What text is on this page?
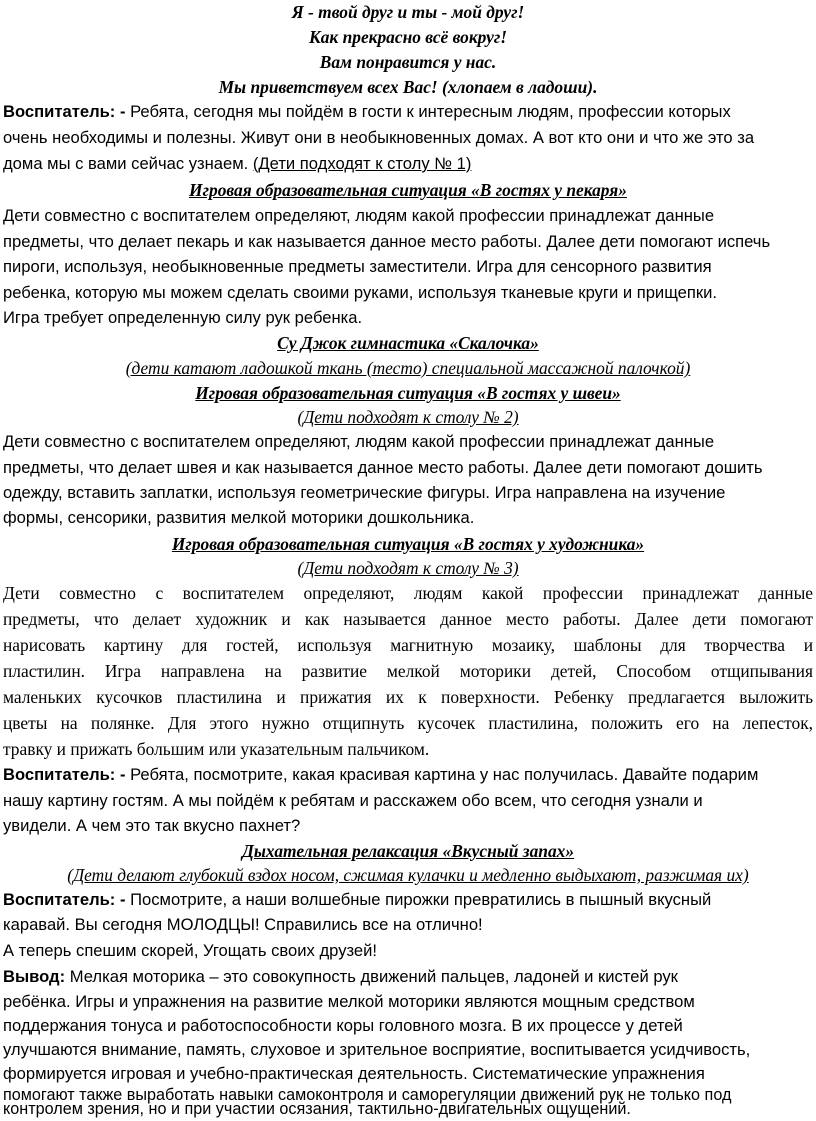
Я - твой друг и ты - мой друг!
Как прекрасно всё вокруг!
Вам понравится у нас.
Мы приветствуем всех Вас! (хлопаем в ладоши).
Воспитатель: - Ребята, сегодня мы пойдём в гости к интересным людям, профессии которых
очень необходимы и полезны. Живут они в необыкновенных домах. А вот кто они и что же это за
дома мы с вами сейчас узнаем. (Дети подходят к столу № 1)
Игровая образовательная ситуация «В гостях у пекаря»
Дети совместно с воспитателем определяют, людям какой профессии принадлежат данные
предметы, что делает пекарь и как называется данное место работы. Далее дети помогают испечь
пироги, используя, необыкновенные предметы заместители. Игра для сенсорного развития
ребенка, которую мы можем сделать своими руками, используя тканевые круги и прищепки.
Игра требует определенную силу рук ребенка.
Су Джок гимнастика «Скалочка»
(дети катают ладошкой ткань (тесто) специальной массажной палочкой)
Игровая образовательная ситуация «В гостях у швеи»
(Дети подходят к столу № 2)
Дети совместно с воспитателем определяют, людям какой профессии принадлежат данные
предметы, что делает швея и как называется данное место работы. Далее дети помогают дошить
одежду, вставить заплатки, используя геометрические фигуры. Игра направлена на изучение
формы, сенсорики, развития мелкой моторики дошкольника.
Игровая образовательная ситуация «В гостях у художника»
(Дети подходят к столу № 3)
Дети совместно с воспитателем определяют, людям какой профессии принадлежат данные
предметы, что делает художник и как называется данное место работы. Далее дети помогают
нарисовать картину для гостей, используя магнитную мозаику, шаблоны для творчества и
пластилин. Игра направлена на развитие мелкой моторики детей, Способом отщипывания
маленьких кусочков пластилина и прижатия их к поверхности. Ребенку предлагается выложить
цветы на полянке. Для этого нужно отщипнуть кусочек пластилина, положить его на лепесток,
травку и прижать большим или указательным пальчиком.
Воспитатель: - Ребята, посмотрите, какая красивая картина у нас получилась. Давайте подарим
нашу картину гостям. А мы пойдём к ребятам и расскажем обо всем, что сегодня узнали и
увидели. А чем это так вкусно пахнет?
Дыхательная релаксация «Вкусный запах»
(Дети делают глубокий вздох носом, сжимая кулачки и медленно выдыхают, разжимая их)
Воспитатель: - Посмотрите, а наши волшебные пирожки превратились в пышный вкусный
каравай. Вы сегодня МОЛОДЦЫ! Справились все на отлично!
А теперь спешим скорей, Угощать своих друзей!
Вывод: Мелкая моторика – это совокупность движений пальцев, ладоней и кистей рук
ребёнка. Игры и упражнения на развитие мелкой моторики являются мощным средством
поддержания тонуса и работоспособности коры головного мозга. В их процессе у детей
улучшаются внимание, память, слуховое и зрительное восприятие, воспитывается усидчивость,
формируется игровая и учебно-практическая деятельность. Систематические упражнения
помогают также выработать навыки самоконтроля и саморегуляции движений рук не только под
контролем зрения, но и при участии осязания, тактильно-двигательных ощущений.
